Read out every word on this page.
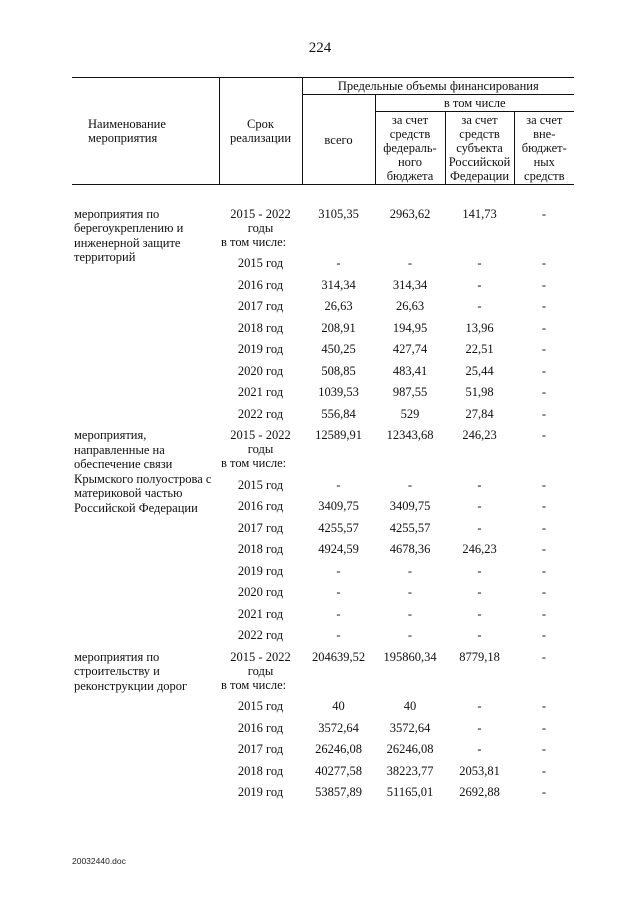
224
Наименование мероприятия	Срок реализации	Предельные объемы финансирования			
		всего	в том числе		
			за счет средств федераль-ного бюджета	за счет средств субъекта Российской Федерации	за счет вне-бюджет-ных средств

мероприятия по берегоукреплению и инженерной защите территорий	2015 - 2022 годы	3105,35	2963,62	141,73	-
	в том числе:				
	2015 год	-	-	-	-
	2016 год	314,34	314,34	-	-
	2017 год	26,63	26,63	-	-
	2018 год	208,91	194,95	13,96	-
	2019 год	450,25	427,74	22,51	-
	2020 год	508,85	483,41	25,44	-
	2021 год	1039,53	987,55	51,98	-
	2022 год	556,84	529	27,84	-
мероприятия, направленные на обеспечение связи Крымского полуострова с материковой частью Российской Федерации	2015 - 2022 годы	12589,91	12343,68	246,23	-
	в том числе:				
	2015 год	-	-	-	-
	2016 год	3409,75	3409,75	-	-
	2017 год	4255,57	4255,57	-	-
	2018 год	4924,59	4678,36	246,23	-
	2019 год	-	-	-	-
	2020 год	-	-	-	-
	2021 год	-	-	-	-
	2022 год	-	-	-	-
мероприятия по строительству и реконструкции дорог	2015 - 2022 годы	204639,52	195860,34	8779,18	-
	в том числе:				
	2015 год	40	40	-	-
	2016 год	3572,64	3572,64	-	-
	2017 год	26246,08	26246,08	-	-
	2018 год	40277,58	38223,77	2053,81	-
	2019 год	53857,89	51165,01	2692,88	-
20032440.doc
